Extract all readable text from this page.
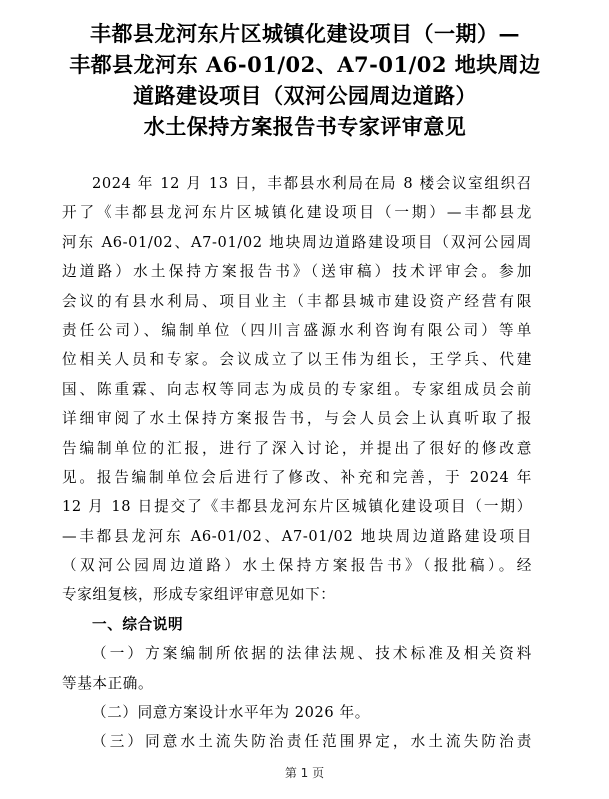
丰都县龙河东片区城镇化建设项目（一期）—
丰都县龙河东 A6-01/02、A7-01/02 地块周边
道路建设项目（双河公园周边道路）
水土保持方案报告书专家评审意见
2024 年 12 月 13 日，丰都县水利局在局 8 楼会议室组织召
开了《丰都县龙河东片区城镇化建设项目（一期）—丰都县龙
河东 A6-01/02、A7-01/02 地块周边道路建设项目（双河公园周
边道路）水土保持方案报告书》（送审稿）技术评审会。参加
会议的有县水利局、项目业主（丰都县城市建设资产经营有限
责任公司）、编制单位（四川言盛源水利咨询有限公司）等单
位相关人员和专家。会议成立了以王伟为组长，王学兵、代建
国、陈重霖、向志权等同志为成员的专家组。专家组成员会前
详细审阅了水土保持方案报告书，与会人员会上认真听取了报
告编制单位的汇报，进行了深入讨论，并提出了很好的修改意
见。报告编制单位会后进行了修改、补充和完善，于 2024 年
12 月 18 日提交了《丰都县龙河东片区城镇化建设项目（一期）
—丰都县龙河东 A6-01/02、A7-01/02 地块周边道路建设项目
（双河公园周边道路）水土保持方案报告书》（报批稿）。经
专家组复核，形成专家组评审意见如下：
一、综合说明
（一）方案编制所依据的法律法规、技术标准及相关资料
等基本正确。
（二）同意方案设计水平年为 2026 年。
（三）同意水土流失防治责任范围界定，水土流失防治责
第 1 页
